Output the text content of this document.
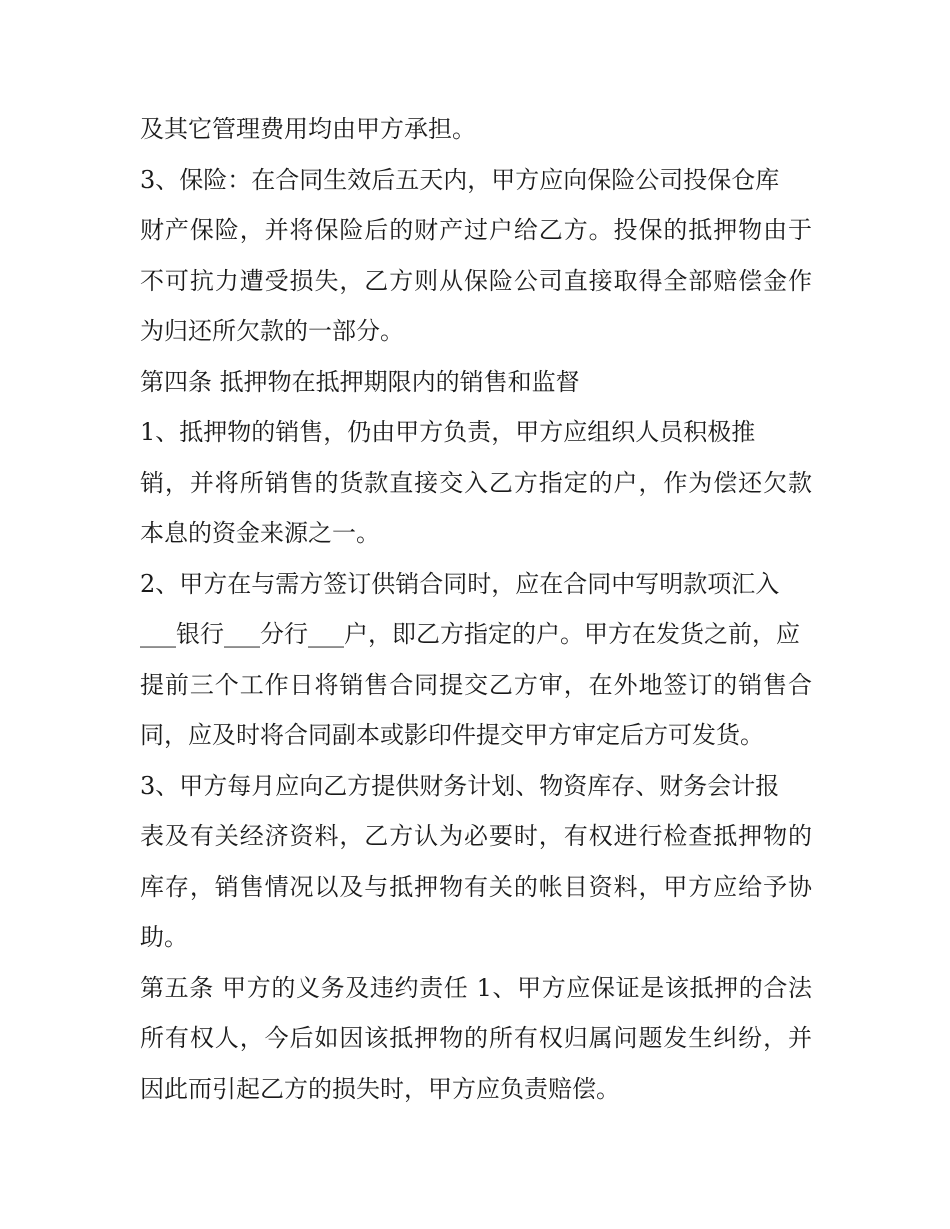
及其它管理费用均由甲方承担。
3、保险：在合同生效后五天内，甲方应向保险公司投保仓库
财产保险，并将保险后的财产过户给乙方。投保的抵押物由于
不可抗力遭受损失，乙方则从保险公司直接取得全部赔偿金作
为归还所欠款的一部分。
第四条 抵押物在抵押期限内的销售和监督
1、抵押物的销售，仍由甲方负责，甲方应组织人员积极推
销，并将所销售的货款直接交入乙方指定的户，作为偿还欠款
本息的资金来源之一。
2、甲方在与需方签订供销合同时，应在合同中写明款项汇入
___银行___分行___户，即乙方指定的户。甲方在发货之前，应
提前三个工作日将销售合同提交乙方审，在外地签订的销售合
同，应及时将合同副本或影印件提交甲方审定后方可发货。
3、甲方每月应向乙方提供财务计划、物资库存、财务会计报
表及有关经济资料，乙方认为必要时，有权进行检查抵押物的
库存，销售情况以及与抵押物有关的帐目资料，甲方应给予协
助。
第五条 甲方的义务及违约责任 1、甲方应保证是该抵押的合法
所有权人，今后如因该抵押物的所有权归属问题发生纠纷，并
因此而引起乙方的损失时，甲方应负责赔偿。
